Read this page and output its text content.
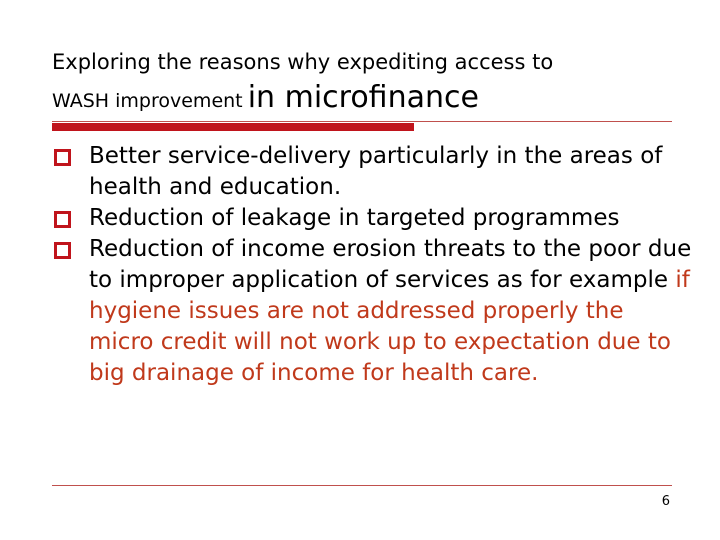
Exploring the reasons why expediting access to
WASH improvement in microfinance
Better service-delivery particularly in the areas of health and education.
Reduction of leakage in targeted programmes
Reduction of income erosion threats to the poor due to improper application of services as for example if hygiene issues are not addressed properly the micro credit will not work up to expectation due to big drainage of income for health care.
6
